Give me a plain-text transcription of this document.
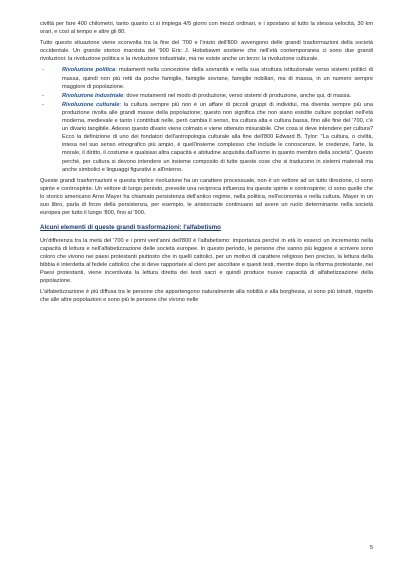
civiltà per fare 400 chilometri, tanto quanto ci si impiega 4/5 giorni con mezzi ordinari, e i spostano al tutto la stessa velocità, 30 km orari, e così al tempo e altre gli 80.

Tutto questo situazione viene sconvolta tra la fine del '700 e l'inizio dell'800: avvengono delle grandi trasformazioni della società occidentale. Un grande storico marxista del '900 Eric J. Hobsbawm sostiene che nell'età contemporanea ci sono due grandi rivoluzioni: la rivoluzione politica e la rivoluzione industriale, ma ne esiste anche un terzo: la rivoluzione culturale.

-	Rivoluzione politica: mutamenti nella concezione della sovranità e nella sua struttura istituzionale verso sistemi politici di massa, quindi non più retti da poche famiglie, famiglie sovrane, famiglie nobiliari, ma di massa, in un numero sempre maggiore di popolazione.
-	Rivoluzione industriale: dove mutamenti nel modo di produzione, verso sistemi di produzione, anche qui, di massa.
-	Rivoluzione culturale: la cultura sempre più non è un affare di piccoli gruppi di individui, ma diventa sempre più una produzione rivolta alle grandi masse della popolazione; questo non significa che non siano esistite culture popolari nell'età moderna, medievale e tanto i contributi nelle, però cambia il senso, tra cultura alta e cultura bassa, fino alle fine del '700, c'è un divario tangibile. Adesso questo divario viene colmato e viene ottenuto misurabile. Che cosa si deve intendere per cultura? Ecco la definizione di uno dei fondatori dell'antropologia culturale alla fine dell'800 Edward B. Tylor: "La cultura, o civiltà, intesa nel suo senso etnografico più ampio, è quell'insieme complesso che include le conoscenze, le credenze, l'arte, la morale, il diritto, il costume e qualsiasi altra capacità e abitudine acquisita dall'uomo in quanto membro della società". Questo perché, per cultura si devono intendere un insieme composito di tutte queste cose che si traducono in sistemi materiali ma anche simbolici e linguaggi figurativi e all'interno.

Queste grandi trasformazioni e questa triplice rivoluzione ha un carattere processuale, non è un vettore ad un tutto direzione, ci sono spinte e controspinte. Un vettore di lungo periodo, prevede una reciproca influenza tra queste spinte e controspinte; ci sono quelle che lo storico americano Arno Mayer ha chiamato persistenza dell'antico regime, nella politica, nell'economia e nella cultura. Mayer in un suo libro, parla di forze della persistenza, per esempio, le aristocrazie continuano ad avere un ruolo determinante nella società europea per tutto il lungo '800, fino al '900.

Alcuni elementi di queste grandi trasformazioni: l'alfabetismo

Un'differenza tra la metà del '700 e i primi vent'anni dell'800 è l'alfabetismo: importanza perché in età lo esserci un incremento nella capacità di lettura e nell'alfabetizzazione delle società europee. In questo periodo, le persone che sanno più leggere e scrivere sono coloro che vivono nei paesi protestanti piuttosto che in quelli cattolici, per un motivo di carattere religioso ben preciso, la lettura della bibbia è interdetta al fedele cattolico che si deve rapportare al clero per ascoltare e questi testi, mentre dopo la riforma protestante, nei Paesi protestanti, viene incentivata la lettura diretta dei testi sacri e quindi produce nuove capacità di alfabetizzazione della popolazione.

L'alfabetizzazione è più diffusa tra le persone che appartengono naturalmente alla nobiltà e alla borghesia, si sono più istruiti, rispetto che alle altre popolazioni e sono più le persone che vivono nelle

5
